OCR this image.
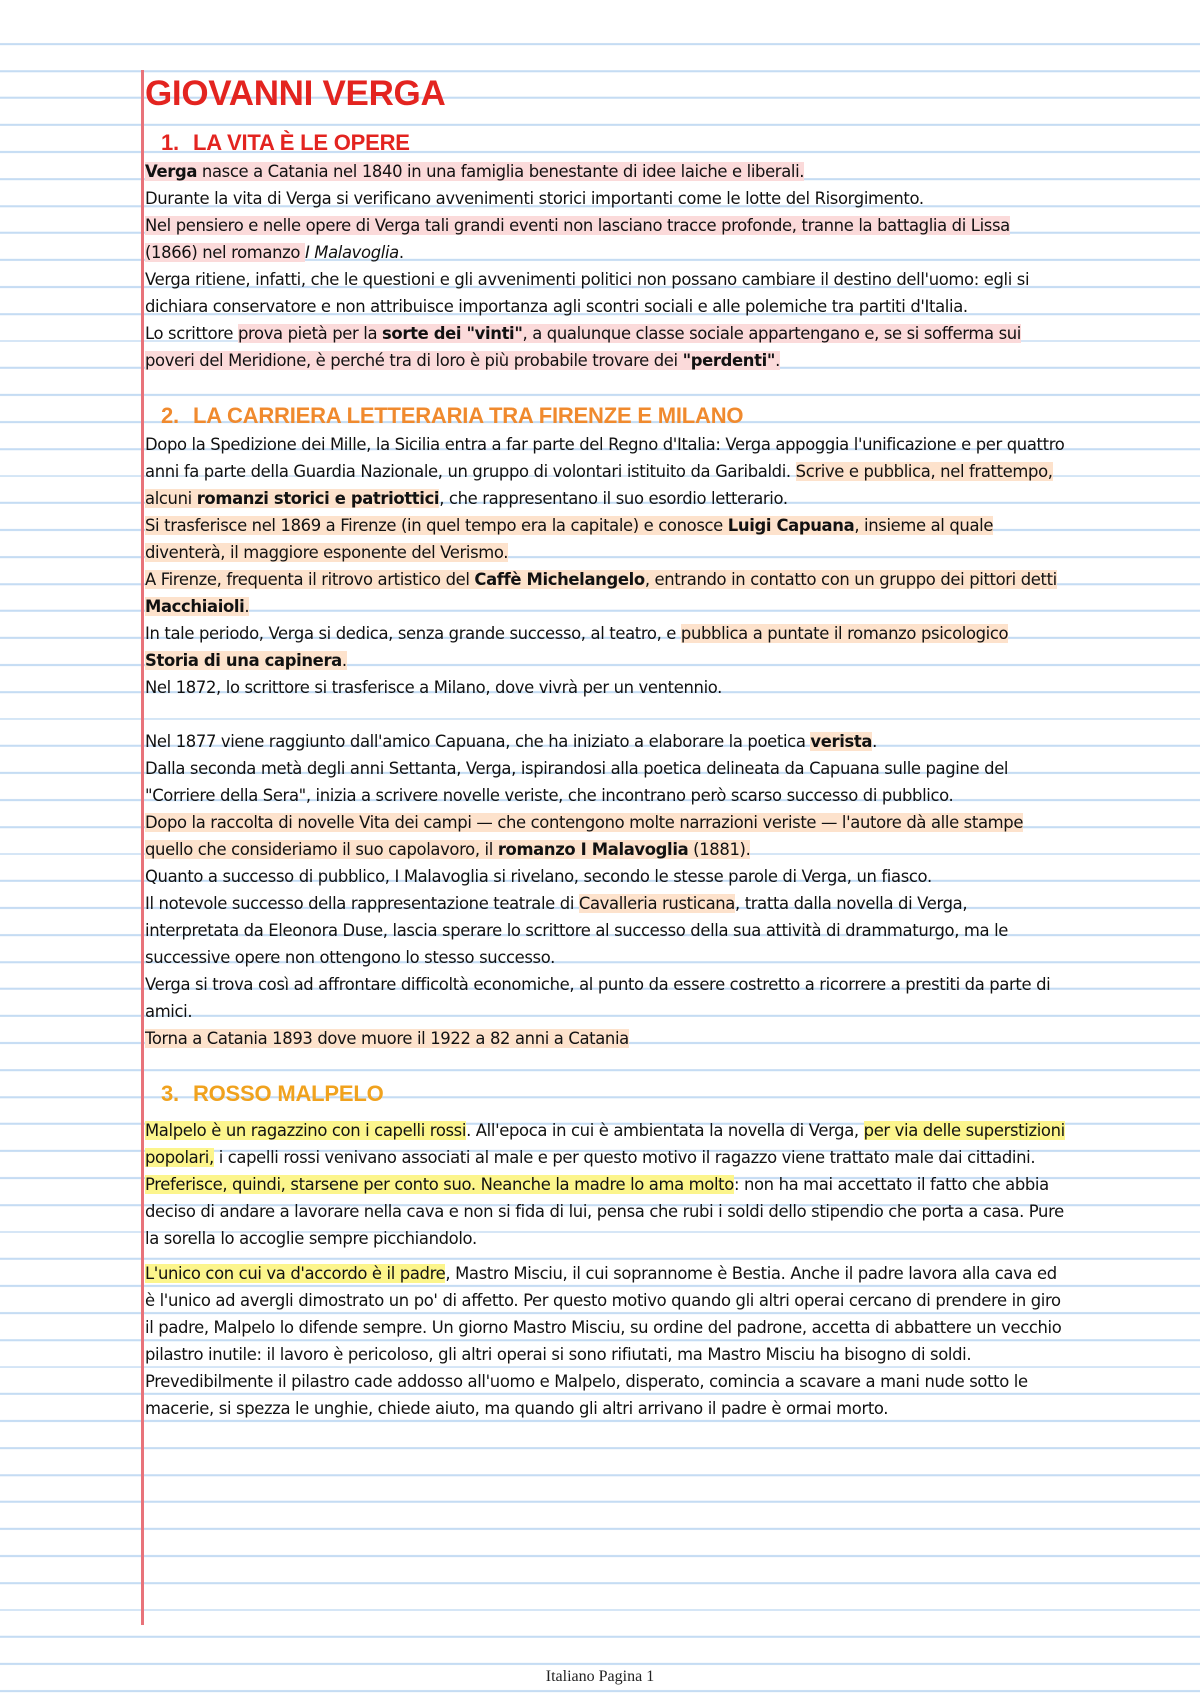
GIOVANNI VERGA
1. LA VITA È LE OPERE

Verga nasce a Catania nel 1840 in una famiglia benestante di idee laiche e liberali.

Durante la vita di Verga si verificano avvenimenti storici importanti come le lotte del Risorgimento.

Nel pensiero e nelle opere di Verga tali grandi eventi non lasciano tracce profonde, tranne la battaglia di Lissa (1866) nel romanzo I Malavoglia.

Verga ritiene, infatti, che le questioni e gli avvenimenti politici non possano cambiare il destino dell'uomo: egli si dichiara conservatore e non attribuisce importanza agli scontri sociali e alle polemiche tra partiti d'Italia.

Lo scrittore prova pietà per la sorte dei "vinti", a qualunque classe sociale appartengano e, se si sofferma sui poveri del Meridione, è perché tra di loro è più probabile trovare dei "perdenti".

2. LA CARRIERA LETTERARIA TRA FIRENZE E MILANO

Dopo la Spedizione dei Mille, la Sicilia entra a far parte del Regno d'Italia: Verga appoggia l'unificazione e per quattro anni fa parte della Guardia Nazionale, un gruppo di volontari istituito da Garibaldi. Scrive e pubblica, nel frattempo, alcuni romanzi storici e patriottici, che rappresentano il suo esordio letterario.

Si trasferisce nel 1869 a Firenze (in quel tempo era la capitale) e conosce Luigi Capuana, insieme al quale diventerà, il maggiore esponente del Verismo.

A Firenze, frequenta il ritrovo artistico del Caffè Michelangelo, entrando in contatto con un gruppo dei pittori detti Macchiaioli.

In tale periodo, Verga si dedica, senza grande successo, al teatro, e pubblica a puntate il romanzo psicologico Storia di una capinera.

Nel 1872, lo scrittore si trasferisce a Milano, dove vivrà per un ventennio.

Nel 1877 viene raggiunto dall'amico Capuana, che ha iniziato a elaborare la poetica verista.

Dalla seconda metà degli anni Settanta, Verga, ispirandosi alla poetica delineata da Capuana sulle pagine del "Corriere della Sera", inizia a scrivere novelle veriste, che incontrano però scarso successo di pubblico.

Dopo la raccolta di novelle Vita dei campi — che contengono molte narrazioni veriste — l'autore dà alle stampe quello che consideriamo il suo capolavoro, il romanzo I Malavoglia (1881).

Quanto a successo di pubblico, I Malavoglia si rivelano, secondo le stesse parole di Verga, un fiasco.

Il notevole successo della rappresentazione teatrale di Cavalleria rusticana, tratta dalla novella di Verga, interpretata da Eleonora Duse, lascia sperare lo scrittore al successo della sua attività di drammaturgo, ma le successive opere non ottengono lo stesso successo.

Verga si trova così ad affrontare difficoltà economiche, al punto da essere costretto a ricorrere a prestiti da parte di amici.

Torna a Catania 1893 dove muore il 1922 a 82 anni a Catania

3. ROSSO MALPELO

Malpelo è un ragazzino con i capelli rossi. All'epoca in cui è ambientata la novella di Verga, per via delle superstizioni popolari, i capelli rossi venivano associati al male e per questo motivo il ragazzo viene trattato male dai cittadini. Preferisce, quindi, starsene per conto suo. Neanche la madre lo ama molto: non ha mai accettato il fatto che abbia deciso di andare a lavorare nella cava e non si fida di lui, pensa che rubi i soldi dello stipendio che porta a casa. Pure la sorella lo accoglie sempre picchiandolo.

L'unico con cui va d'accordo è il padre, Mastro Misciu, il cui soprannome è Bestia. Anche il padre lavora alla cava ed è l'unico ad avergli dimostrato un po' di affetto. Per questo motivo quando gli altri operai cercano di prendere in giro il padre, Malpelo lo difende sempre. Un giorno Mastro Misciu, su ordine del padrone, accetta di abbattere un vecchio pilastro inutile: il lavoro è pericoloso, gli altri operai si sono rifiutati, ma Mastro Misciu ha bisogno di soldi. Prevedibilmente il pilastro cade addosso all'uomo e Malpelo, disperato, comincia a scavare a mani nude sotto le macerie, si spezza le unghie, chiede aiuto, ma quando gli altri arrivano il padre è ormai morto.

Italiano Pagina 1
